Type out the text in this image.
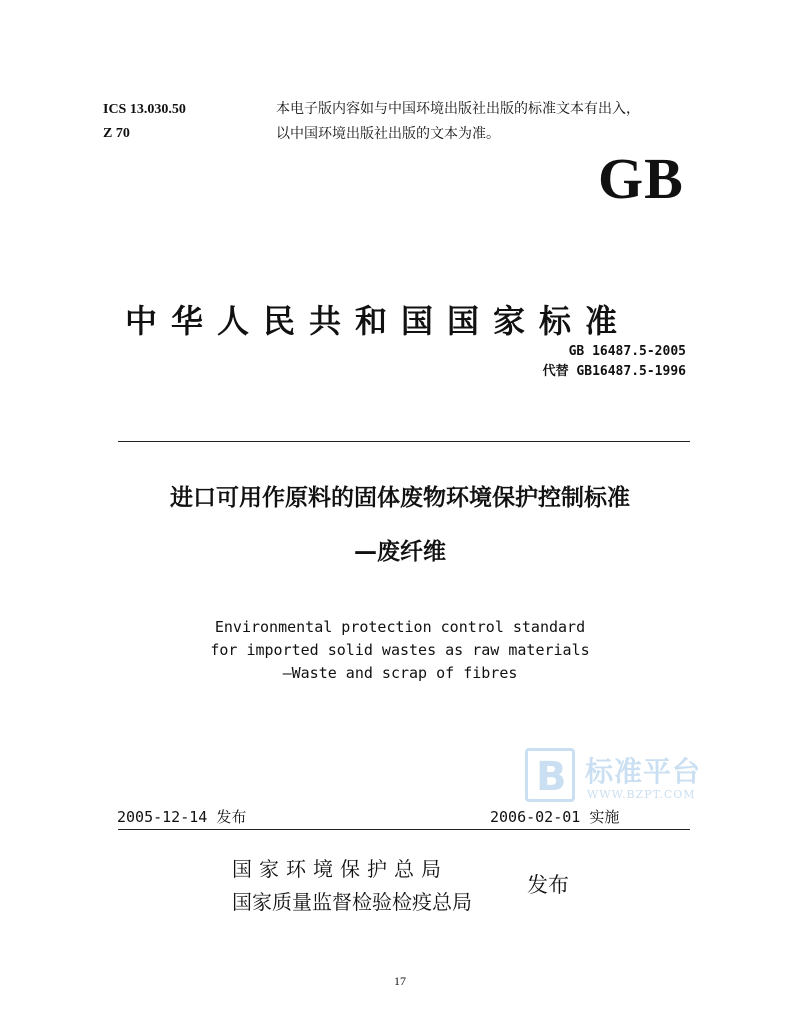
ICS 13.030.50
Z 70
本电子版内容如与中国环境出版社出版的标准文本有出入，
以中国环境出版社出版的文本为准。
GB
中华人民共和国国家标准
GB 16487.5-2005
代替 GB16487.5-1996
进口可用作原料的固体废物环境保护控制标准
—废纤维
Environmental protection control standard
for imported solid wastes as raw materials
—Waste and scrap of fibres
B 标准平台
WWW.BZPT.COM
2005-12-14 发布	2006-02-01 实施
国家环境保护总局
国家质量监督检验检疫总局
发布
17
